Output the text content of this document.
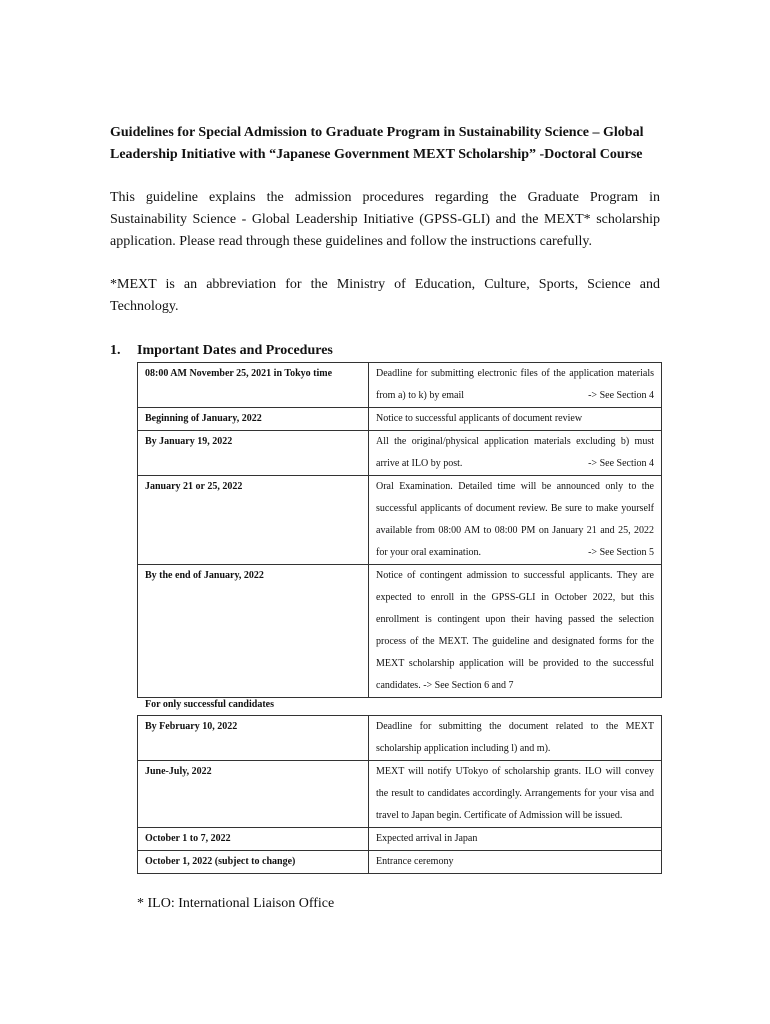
Guidelines for Special Admission to Graduate Program in Sustainability Science – Global Leadership Initiative with “Japanese Government MEXT Scholarship” -Doctoral Course
This guideline explains the admission procedures regarding the Graduate Program in Sustainability Science - Global Leadership Initiative (GPSS-GLI) and the MEXT* scholarship application. Please read through these guidelines and follow the instructions carefully.
*MEXT is an abbreviation for the Ministry of Education, Culture, Sports, Science and Technology.
1. Important Dates and Procedures
08:00 AM November 25, 2021 in Tokyo time	Deadline for submitting electronic files of the application materials from a) to k) by email -> See Section 4

Beginning of January, 2022	Notice to successful applicants of document review
By January 19, 2022	All the original/physical application materials excluding b) must arrive at ILO by post. -> See Section 4

January 21 or 25, 2022	Oral Examination. Detailed time will be announced only to the successful applicants of document review. Be sure to make yourself available from 08:00 AM to 08:00 PM on January 21 and 25, 2022 for your oral examination. -> See Section 5

By the end of January, 2022	Notice of contingent admission to successful applicants. They are expected to enroll in the GPSS-GLI in October 2022, but this enrollment is contingent upon their having passed the selection process of the MEXT. The guideline and designated forms for the MEXT scholarship application will be provided to the successful candidates. -> See Section 6 and 7
For only successful candidates
By February 10, 2022	Deadline for submitting the document related to the MEXT scholarship application including l) and m).
June-July, 2022	MEXT will notify UTokyo of scholarship grants. ILO will convey the result to candidates accordingly. Arrangements for your visa and travel to Japan begin. Certificate of Admission will be issued.
October 1 to 7, 2022	Expected arrival in Japan
October 1, 2022 (subject to change)	Entrance ceremony
* ILO: International Liaison Office
